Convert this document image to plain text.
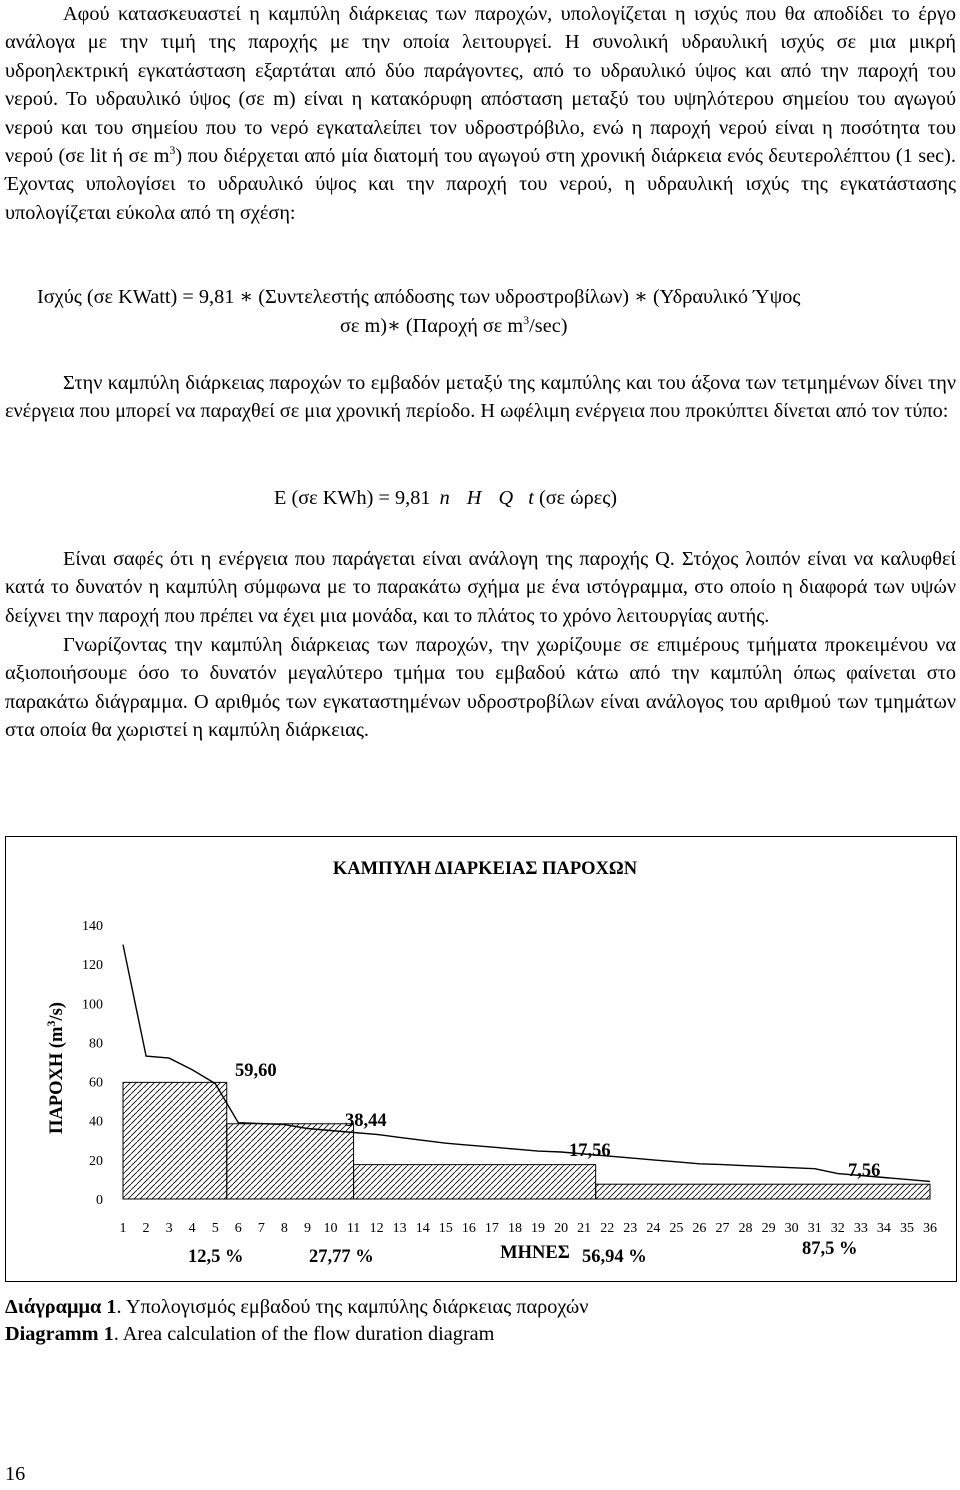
Αφού κατασκευαστεί η καμπύλη διάρκειας των παροχών, υπολογίζεται η ισχύς που θα αποδίδει το έργο ανάλογα με την τιμή της παροχής με την οποία λειτουργεί. Η συνολική υδραυλική ισχύς σε μια μικρή υδροηλεκτρική εγκατάσταση εξαρτάται από δύο παράγοντες, από το υδραυλικό ύψος και από την παροχή του νερού. Το υδραυλικό ύψος (σε m) είναι η κατακόρυφη απόσταση μεταξύ του υψηλότερου σημείου του αγωγού νερού και του σημείου που το νερό εγκαταλείπει τον υδροστρόβιλο, ενώ η παροχή νερού είναι η ποσότητα του νερού (σε lit ή σε $m^3$) που διέρχεται από μία διατομή του αγωγού στη χρονική διάρκεια ενός δευτερολέπτου (1 sec). Έχοντας υπολογίσει το υδραυλικό ύψος και την παροχή του νερού, η υδραυλική ισχύς της εγκατάστασης υπολογίζεται εύκολα από τη σχέση:

Ισχύς (σε KWatt) = 9,81 ∗ (Συντελεστής απόδοσης των υδροστροβίλων) ∗ (Υδραυλικό Ύψος
σε m)∗ (Παροχή σε $m^3/\sec$)

Στην καμπύλη διάρκειας παροχών το εμβαδόν μεταξύ της καμπύλης και του άξονα των τετμημένων δίνει την ενέργεια που μπορεί να παραχθεί σε μια χρονική περίοδο. Η ωφέλιμη ενέργεια που προκύπτει δίνεται από τον τύπο:

E (σε KWh) = 9,81 n H Q t (σε ώρες)

Είναι σαφές ότι η ενέργεια που παράγεται είναι ανάλογη της παροχής Q. Στόχος λοιπόν είναι να καλυφθεί κατά το δυνατόν η καμπύλη σύμφωνα με το παρακάτω σχήμα με ένα ιστόγραμμα, στο οποίο η διαφορά των υψών δείχνει την παροχή που πρέπει να έχει μια μονάδα, και το πλάτος το χρόνο λειτουργίας αυτής.

Γνωρίζοντας την καμπύλη διάρκειας των παροχών, την χωρίζουμε σε επιμέρους τμήματα προκειμένου να αξιοποιήσουμε όσο το δυνατόν μεγαλύτερο τμήμα του εμβαδού κάτω από την καμπύλη όπως φαίνεται στο παρακάτω διάγραμμα. Ο αριθμός των εγκαταστημένων υδροστροβίλων είναι ανάλογος του αριθμού των τμημάτων στα οποία θα χωριστεί η καμπύλη διάρκειας.

ΚΑΜΠΥΛΗ ΔΙΑΡΚΕΙΑΣ ΠΑΡΟΧΩΝ
ΠΑΡΟΧΗ $(m^3/s)$
0
20
40
60
80
100
120
140
1 2 3 4 5 6 7 8 9 10 11 12 13 14 15 16 17 18 19 20 21 22 23 24 25 26 27 28 29 30 31 32 33 34 35 36
59,60
38,44
17,56
7,56
12,5 %	27,77 %	56,94 %	87,5 %
ΜΗΝΕΣ
Διάγραμμα 1. Υπολογισμός εμβαδού της καμπύλης διάρκειας παροχών
Diagramm 1. Area calculation of the flow duration diagram
16
